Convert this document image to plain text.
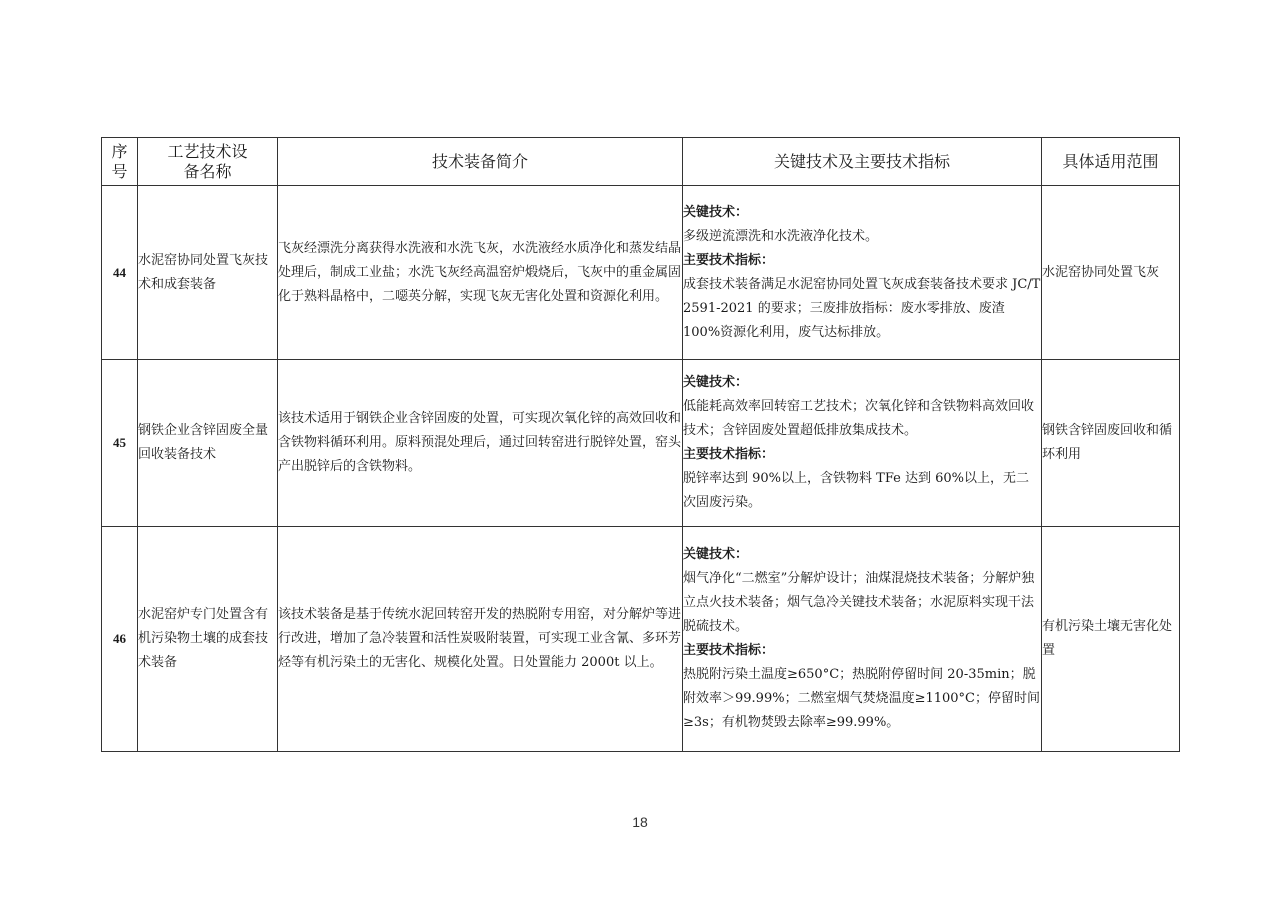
序号	工艺技术设备名称	技术装备简介	关键技术及主要技术指标	具体适用范围
44	水泥窑协同处置飞灰技术和成套装备	飞灰经漂洗分离获得水洗液和水洗飞灰，水洗液经水质净化和蒸发结晶处理后，制成工业盐；水洗飞灰经高温窑炉煅烧后，飞灰中的重金属固化于熟料晶格中，二噁英分解，实现飞灰无害化处置和资源化利用。	关键技术：
多级逆流漂洗和水洗液净化技术。
主要技术指标：
成套技术装备满足水泥窑协同处置飞灰成套装备技术要求 JC/T 2591-2021 的要求；三废排放指标：废水零排放、废渣 100%资源化利用，废气达标排放。	水泥窑协同处置飞灰
45	钢铁企业含锌固废全量回收装备技术	该技术适用于钢铁企业含锌固废的处置，可实现次氧化锌的高效回收和含铁物料循环利用。原料预混处理后，通过回转窑进行脱锌处置，窑头产出脱锌后的含铁物料。	关键技术：
低能耗高效率回转窑工艺技术；次氧化锌和含铁物料高效回收技术；含锌固废处置超低排放集成技术。
主要技术指标：
脱锌率达到 90%以上，含铁物料 TFe 达到 60%以上，无二次固废污染。	钢铁含锌固废回收和循环利用
46	水泥窑炉专门处置含有机污染物土壤的成套技术装备	该技术装备是基于传统水泥回转窑开发的热脱附专用窑，对分解炉等进行改进，增加了急冷装置和活性炭吸附装置，可实现工业含氰、多环芳烃等有机污染土的无害化、规模化处置。日处置能力 2000t 以上。	关键技术：
烟气净化“二燃室”分解炉设计；油煤混烧技术装备；分解炉独立点火技术装备；烟气急冷关键技术装备；水泥原料实现干法脱硫技术。
主要技术指标：
热脱附污染土温度≥650°C；热脱附停留时间 20-35min；脱附效率＞99.99%；二燃室烟气焚烧温度≥1100°C；停留时间≥3s；有机物焚毁去除率≥99.99%。	有机污染土壤无害化处置
18
